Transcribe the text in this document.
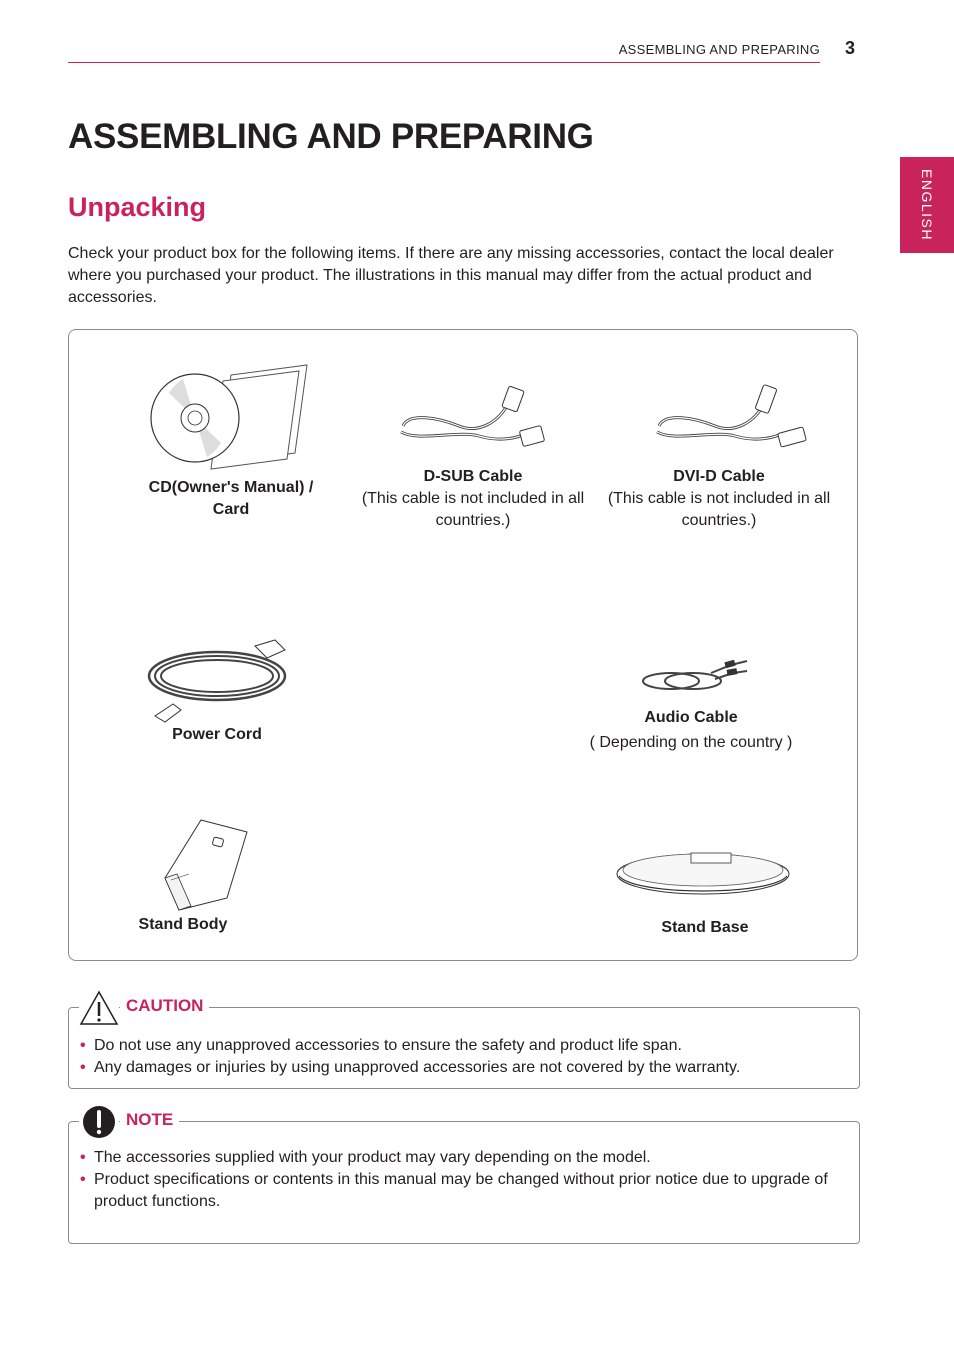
ASSEMBLING AND PREPARING 3
ENGLISH
ASSEMBLING AND PREPARING
Unpacking

Check your product box for the following items. If there are any missing accessories, contact the local dealer where you purchased your product. The illustrations in this manual may differ from the actual product and accessories.

CD(Owner's Manual) /
Card
D-SUB Cable
(This cable is not included in all
countries.)
DVI-D Cable
(This cable is not included in all
countries.)
Power Cord
Audio Cable
( Depending on the country )
Stand Body	Stand Base
CAUTION
• Do not use any unapproved accessories to ensure the safety and product life span.
• Any damages or injuries by using unapproved accessories are not covered by the warranty.
NOTE
• The accessories supplied with your product may vary depending on the model.
• Product specifications or contents in this manual may be changed without prior notice due to upgrade of product functions.
